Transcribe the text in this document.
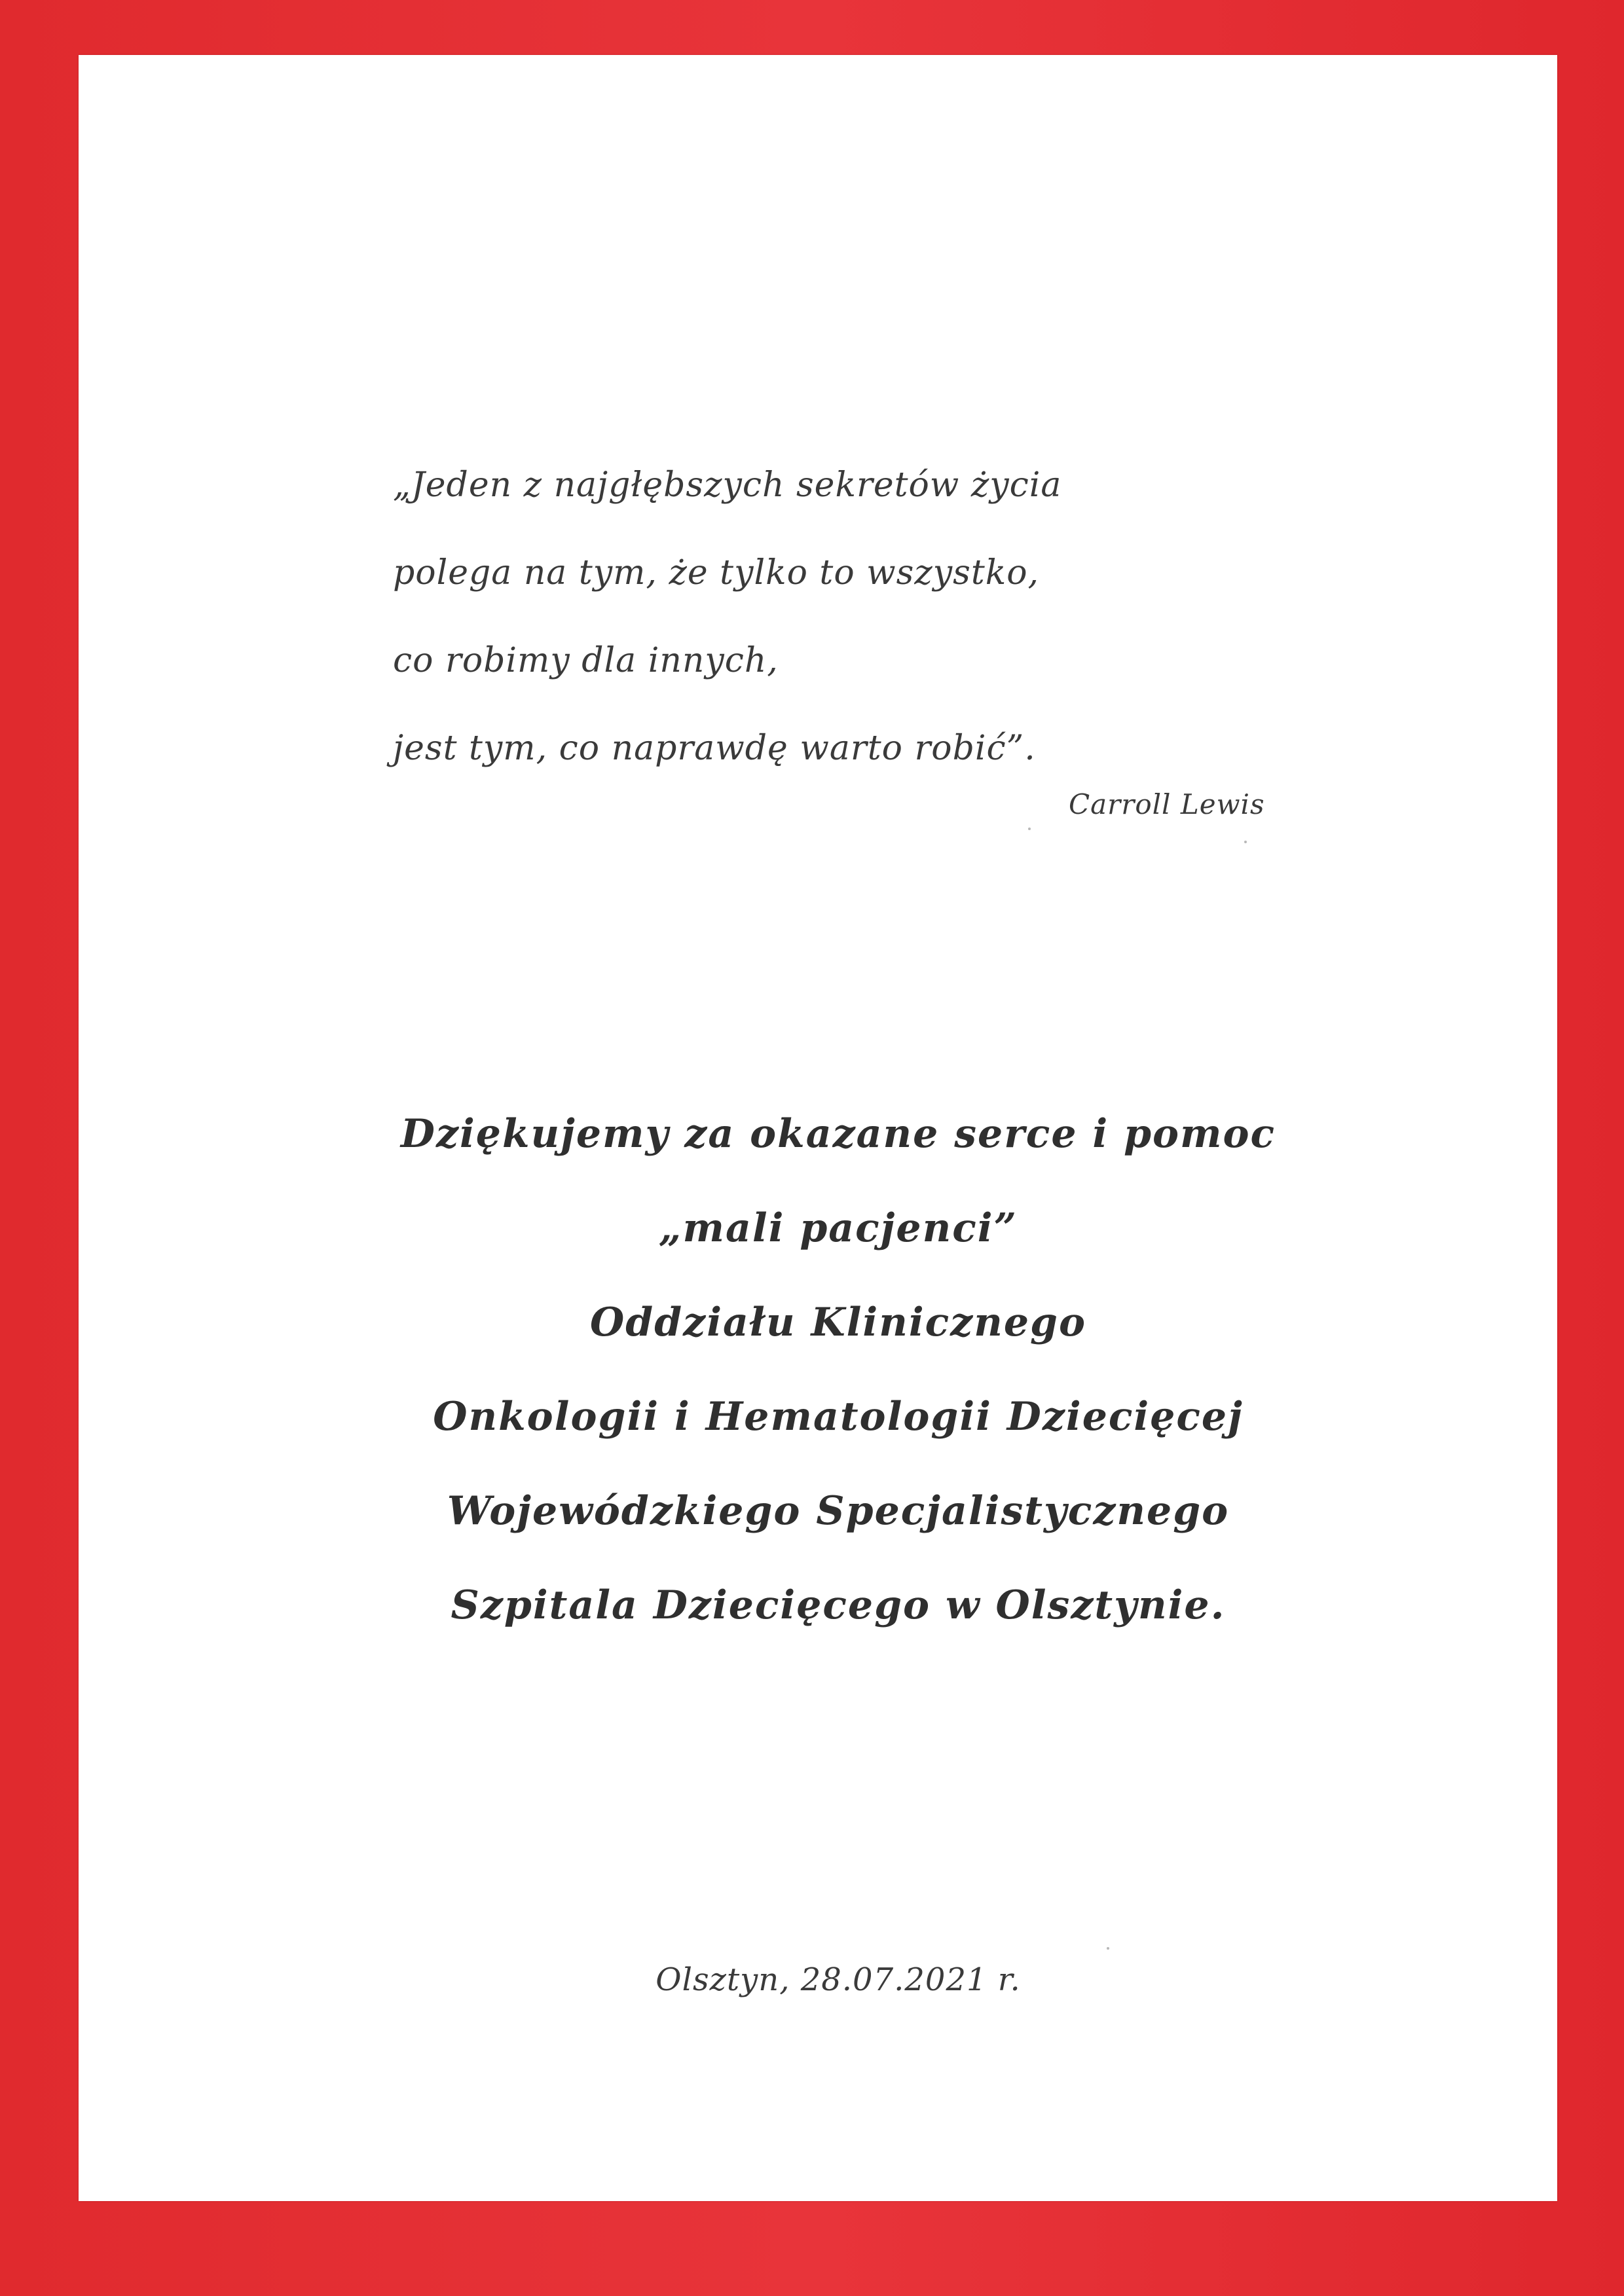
„Jeden z najgłębszych sekretów życia
polega na tym, że tylko to wszystko,
co robimy dla innych,
jest tym, co naprawdę warto robić”.
Carroll Lewis
Dziękujemy za okazane serce i pomoc
„mali pacjenci”
Oddziału Klinicznego
Onkologii i Hematologii Dziecięcej
Wojewódzkiego Specjalistycznego
Szpitala Dziecięcego w Olsztynie.
Olsztyn, 28.07.2021 r.
